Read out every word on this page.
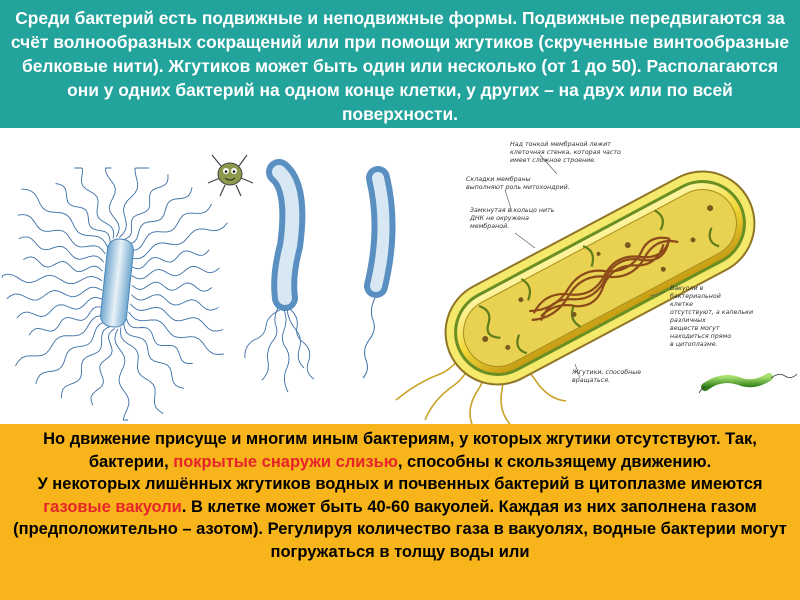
Среди бактерий есть подвижные и неподвижные формы. Подвижные передвигаются за счёт волнообразных сокращений или при помощи жгутиков (скрученные винтообразные белковые нити). Жгутиков может быть один или несколько (от 1 до 50). Располагаются они у одних бактерий на одном конце клетки, у других – на двух или по всей поверхности.
Над тонкой мембраной лежит
клеточная стенка, которая часто
имеет сложное строение.
Складки мембраны
выполняют роль митохондрий.
Замкнутая в кольцо нить
ДНК не окружена
мембраной.
Вакуоли в
бактериальной
клетке
отсутствуют, а капельки
различных
веществ могут
находиться прямо
в цитоплазме.
Жгутики, способные
вращаться.
Но движение присуще и многим иным бактериям, у которых жгутики отсутствуют. Так, бактерии, покрытые снаружи слизью, способны к скользящему движению.
У некоторых лишённых жгутиков водных и почвенных бактерий в цитоплазме имеются газовые вакуоли. В клетке может быть 40-60 вакуолей. Каждая из них заполнена газом (предположительно – азотом). Регулируя количество газа в вакуолях, водные бактерии могут погружаться в толщу воды или
